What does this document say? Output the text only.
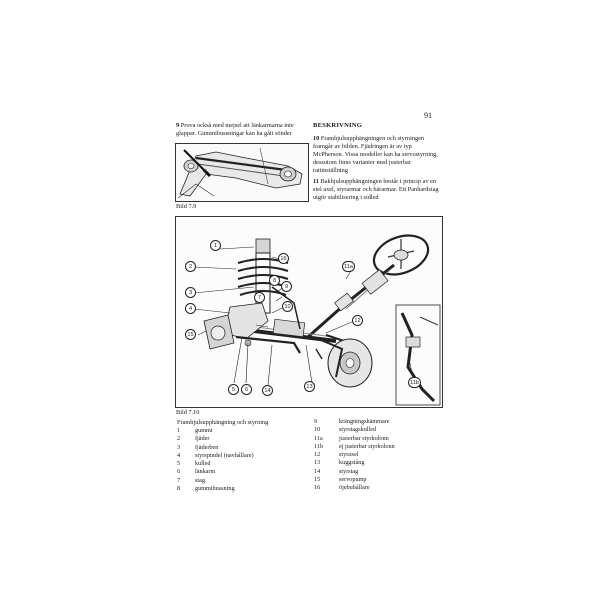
91

9 Prova också med mejsel att länkarmarna inte glappar. Gummibussningar kan ha gått sönder

Bild 7.9
BESKRIVNING

10 Framhjulsupphängningen och styrningen framgår av bilden. Fjädringen är av typ McPherson. Vissa modeller kan ha servostyrning, dessutom finns varianter med justerbar rattinställning

11 Bakhjulsupphängningen består i princip av en stel axel, styrarmar och bärarmar. Ett Panhardstag utgör stabilisering i sidled

1
2
3
4
15
5	6	14
16
8
9
10
7
12
13
11a
11b
Bild 7.10
Framhjulsupphängning och styrning
1 gummi
2 fjäder
3 fjäderben
4 styrspindel (navhållare)
5 kulled
6 länkarm
7 stag
8 gummibussning
9	krängningshämmare
10	styrstagskulled
11a	justerbar styrkolonn
11b	ej justerbar styrkolonn
12	styraxel
13	kuggstång
14	styrstag
15	servopump
16	öjebuhållare
